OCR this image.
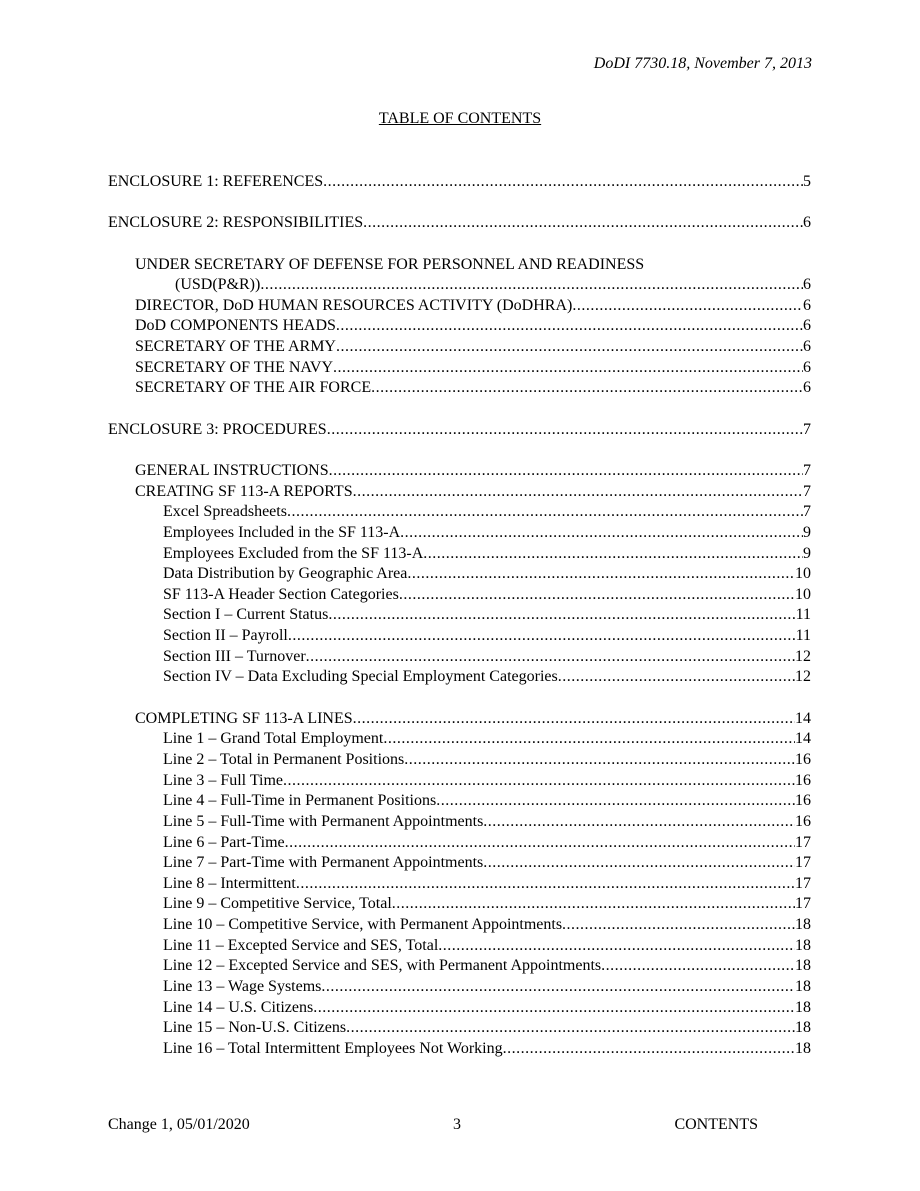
DoDI 7730.18, November 7, 2013
TABLE OF CONTENTS
ENCLOSURE 1: REFERENCES .....	5
ENCLOSURE 2: RESPONSIBILITIES .....	6
UNDER SECRETARY OF DEFENSE FOR PERSONNEL AND READINESS
(USD(P&R)) .....	6
DIRECTOR, DoD HUMAN RESOURCES ACTIVITY (DoDHRA) .....	6
DoD COMPONENTS HEADS .....	6
SECRETARY OF THE ARMY .....	6
SECRETARY OF THE NAVY .....	6
SECRETARY OF THE AIR FORCE .....	6
ENCLOSURE 3: PROCEDURES .....	7
GENERAL INSTRUCTIONS .....	7
CREATING SF 113-A REPORTS .....	7
Excel Spreadsheets .....	7
Employees Included in the SF 113-A .....	9
Employees Excluded from the SF 113-A .....	9
Data Distribution by Geographic Area .....	10
SF 113-A Header Section Categories .....	10
Section I – Current Status .....	11
Section II – Payroll .....	11
Section III – Turnover .....	12
Section IV – Data Excluding Special Employment Categories .....	12
COMPLETING SF 113-A LINES .....	14
Line 1 – Grand Total Employment .....	14
Line 2 – Total in Permanent Positions .....	16
Line 3 – Full Time .....	16
Line 4 – Full-Time in Permanent Positions .....	16
Line 5 – Full-Time with Permanent Appointments .....	16
Line 6 – Part-Time .....	17
Line 7 – Part-Time with Permanent Appointments .....	17
Line 8 – Intermittent .....	17
Line 9 – Competitive Service, Total .....	17
Line 10 – Competitive Service, with Permanent Appointments .....	18
Line 11 – Excepted Service and SES, Total .....	18
Line 12 – Excepted Service and SES, with Permanent Appointments .....	18
Line 13 – Wage Systems .....	18
Line 14 – U.S. Citizens .....	18
Line 15 – Non-U.S. Citizens .....	18
Line 16 – Total Intermittent Employees Not Working .....	18
Change 1, 05/01/2020	3	CONTENTS
